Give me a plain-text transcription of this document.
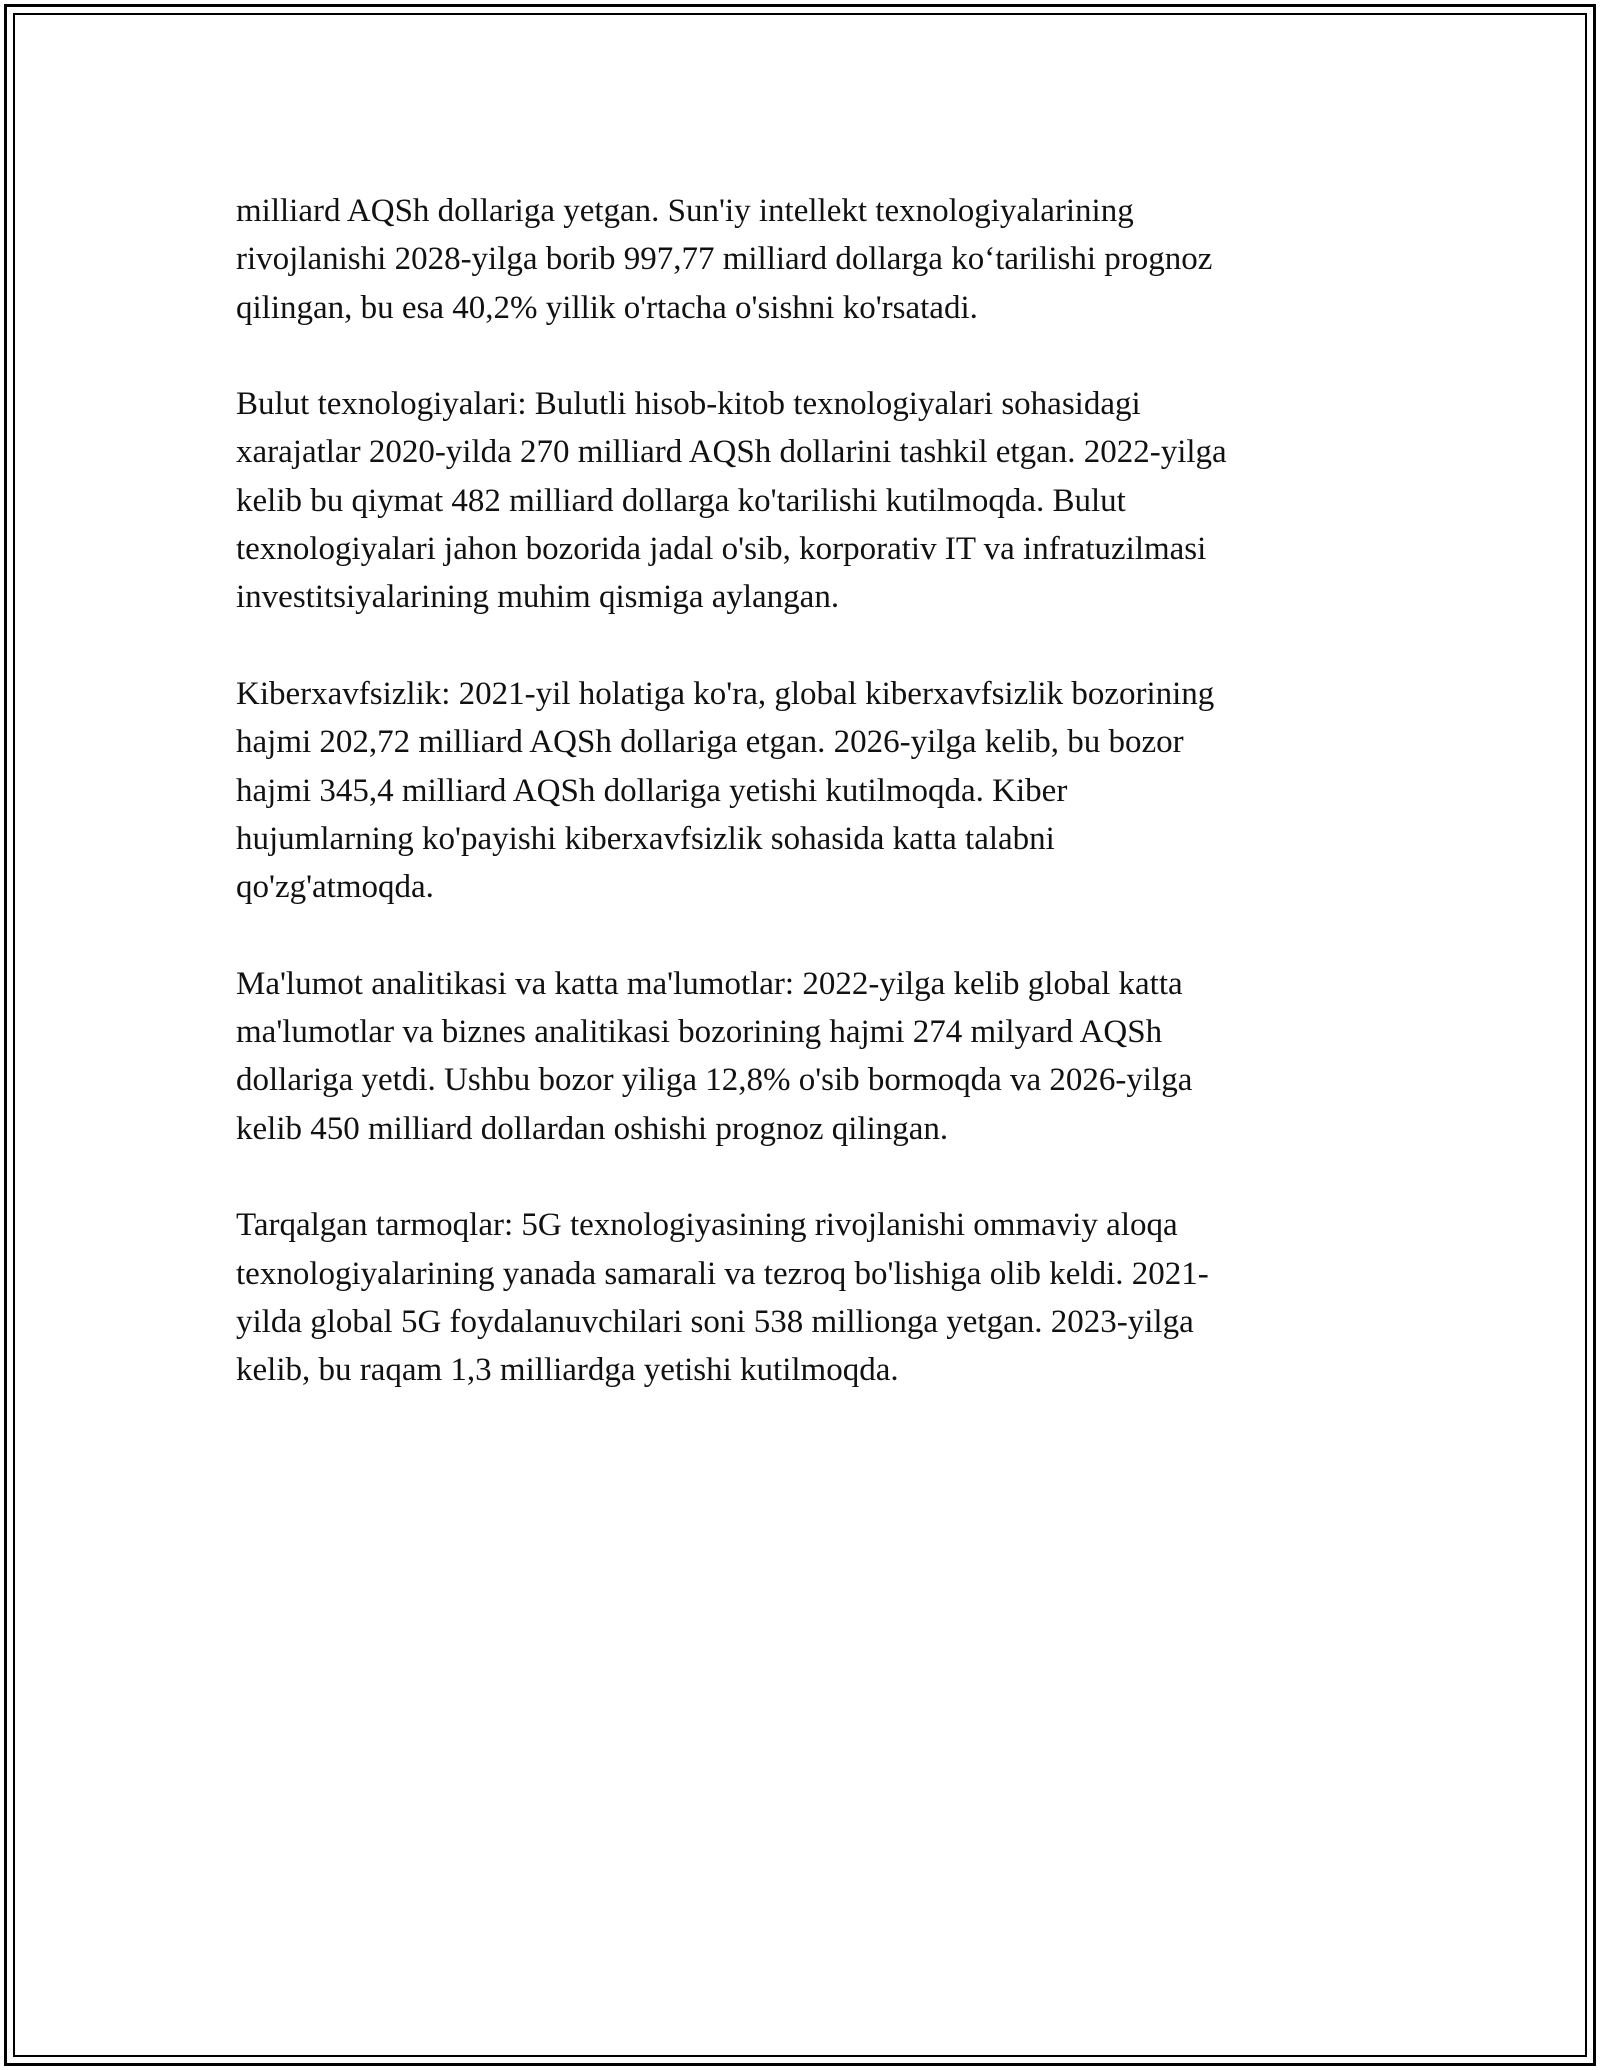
milliard AQSh dollariga yetgan. Sun'iy intellekt texnologiyalarining
rivojlanishi 2028-yilga borib 997,77 milliard dollarga ko‘tarilishi prognoz
qilingan, bu esa 40,2% yillik o'rtacha o'sishni ko'rsatadi.

Bulut texnologiyalari: Bulutli hisob-kitob texnologiyalari sohasidagi
xarajatlar 2020-yilda 270 milliard AQSh dollarini tashkil etgan. 2022-yilga
kelib bu qiymat 482 milliard dollarga ko'tarilishi kutilmoqda. Bulut
texnologiyalari jahon bozorida jadal o'sib, korporativ IT va infratuzilmasi
investitsiyalarining muhim qismiga aylangan.

Kiberxavfsizlik: 2021-yil holatiga ko'ra, global kiberxavfsizlik bozorining
hajmi 202,72 milliard AQSh dollariga etgan. 2026-yilga kelib, bu bozor
hajmi 345,4 milliard AQSh dollariga yetishi kutilmoqda. Kiber
hujumlarning ko'payishi kiberxavfsizlik sohasida katta talabni
qo'zg'atmoqda.

Ma'lumot analitikasi va katta ma'lumotlar: 2022-yilga kelib global katta
ma'lumotlar va biznes analitikasi bozorining hajmi 274 milyard AQSh
dollariga yetdi. Ushbu bozor yiliga 12,8% o'sib bormoqda va 2026-yilga
kelib 450 milliard dollardan oshishi prognoz qilingan.

Tarqalgan tarmoqlar: 5G texnologiyasining rivojlanishi ommaviy aloqa
texnologiyalarining yanada samarali va tezroq bo'lishiga olib keldi. 2021-
yilda global 5G foydalanuvchilari soni 538 millionga yetgan. 2023-yilga
kelib, bu raqam 1,3 milliardga yetishi kutilmoqda.
